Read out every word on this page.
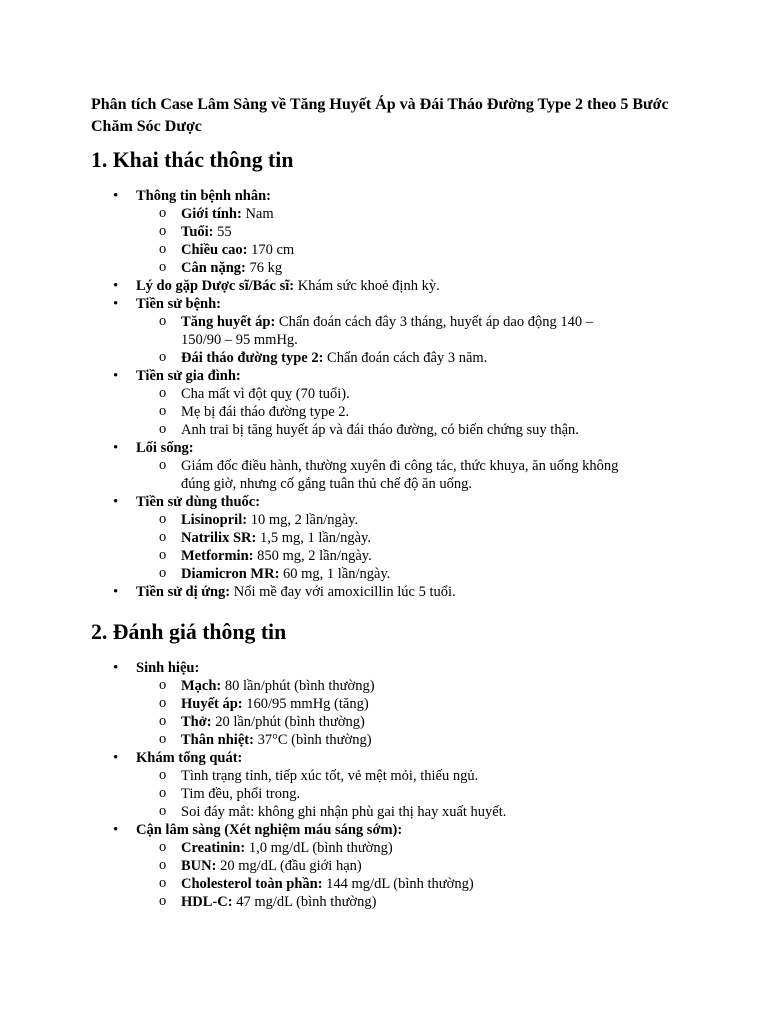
Phân tích Case Lâm Sàng về Tăng Huyết Áp và Đái Tháo Đường Type 2 theo 5 Bước Chăm Sóc Dược
1. Khai thác thông tin
• Thông tin bệnh nhân:
o Giới tính: Nam
o Tuổi: 55
o Chiều cao: 170 cm
o Cân nặng: 76 kg
• Lý do gặp Dược sĩ/Bác sĩ: Khám sức khoẻ định kỳ.
• Tiền sử bệnh:
o Tăng huyết áp: Chẩn đoán cách đây 3 tháng, huyết áp dao động 140 – 150/90 – 95 mmHg.
o Đái tháo đường type 2: Chẩn đoán cách đây 3 năm.
• Tiền sử gia đình:
o Cha mất vì đột quỵ (70 tuổi).
o Mẹ bị đái tháo đường type 2.
o Anh trai bị tăng huyết áp và đái tháo đường, có biến chứng suy thận.
• Lối sống:
o Giám đốc điều hành, thường xuyên đi công tác, thức khuya, ăn uống không đúng giờ, nhưng cố gắng tuân thủ chế độ ăn uống.
• Tiền sử dùng thuốc:
o Lisinopril: 10 mg, 2 lần/ngày.
o Natrilix SR: 1,5 mg, 1 lần/ngày.
o Metformin: 850 mg, 2 lần/ngày.
o Diamicron MR: 60 mg, 1 lần/ngày.
• Tiền sử dị ứng: Nổi mề đay với amoxicillin lúc 5 tuổi.
2. Đánh giá thông tin
• Sinh hiệu:
o Mạch: 80 lần/phút (bình thường)
o Huyết áp: 160/95 mmHg (tăng)
o Thở: 20 lần/phút (bình thường)
o Thân nhiệt: 37°C (bình thường)
• Khám tổng quát:
o Tình trạng tỉnh, tiếp xúc tốt, vẻ mệt mỏi, thiếu ngủ.
o Tim đều, phổi trong.
o Soi đáy mắt: không ghi nhận phù gai thị hay xuất huyết.
• Cận lâm sàng (Xét nghiệm máu sáng sớm):
o Creatinin: 1,0 mg/dL (bình thường)
o BUN: 20 mg/dL (đầu giới hạn)
o Cholesterol toàn phần: 144 mg/dL (bình thường)
o HDL-C: 47 mg/dL (bình thường)
